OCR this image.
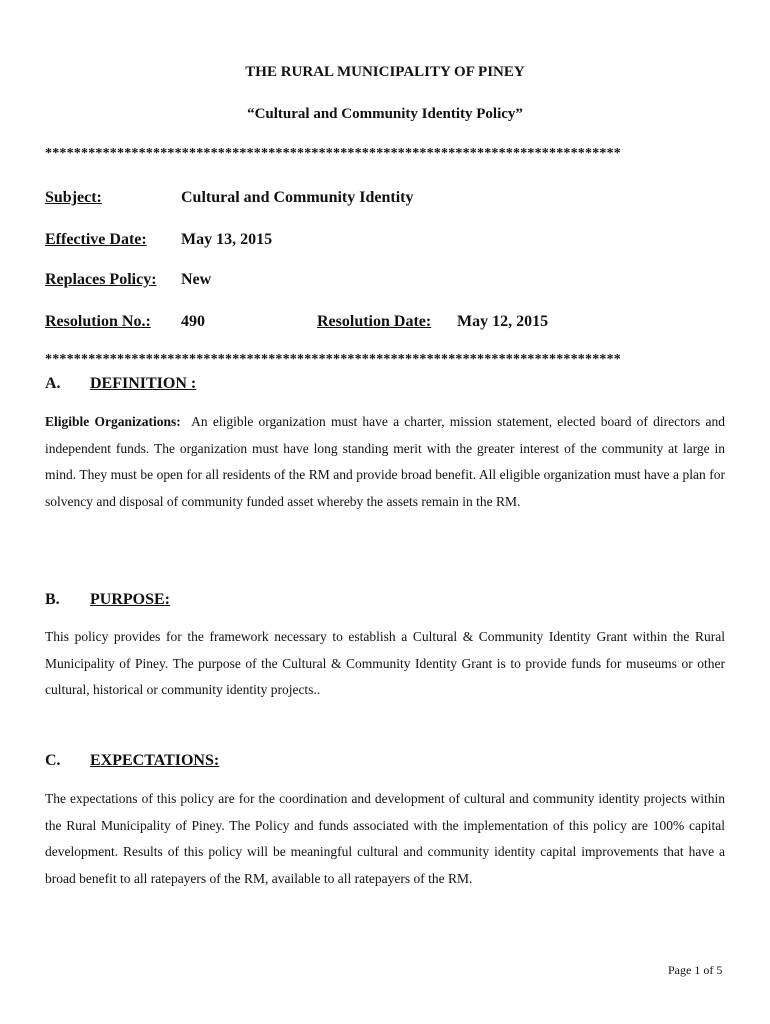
THE RURAL MUNICIPALITY OF PINEY
“Cultural and Community Identity Policy”
********************************************************************************
Subject:	Cultural and Community Identity
Effective Date: May 13, 2015
Replaces Policy: New
Resolution No.: 490	Resolution Date: May 12, 2015
********************************************************************************
A. DEFINITION :
Eligible Organizations: An eligible organization must have a charter, mission statement, elected board of directors and independent funds. The organization must have long standing merit with the greater interest of the community at large in mind. They must be open for all residents of the RM and provide broad benefit. All eligible organization must have a plan for solvency and disposal of community funded asset whereby the assets remain in the RM.
B. PURPOSE:
This policy provides for the framework necessary to establish a Cultural & Community Identity Grant within the Rural Municipality of Piney. The purpose of the Cultural & Community Identity Grant is to provide funds for museums or other cultural, historical or community identity projects..
C. EXPECTATIONS:
The expectations of this policy are for the coordination and development of cultural and community identity projects within the Rural Municipality of Piney. The Policy and funds associated with the implementation of this policy are 100% capital development. Results of this policy will be meaningful cultural and community identity capital improvements that have a broad benefit to all ratepayers of the RM, available to all ratepayers of the RM.
Page 1 of 5
